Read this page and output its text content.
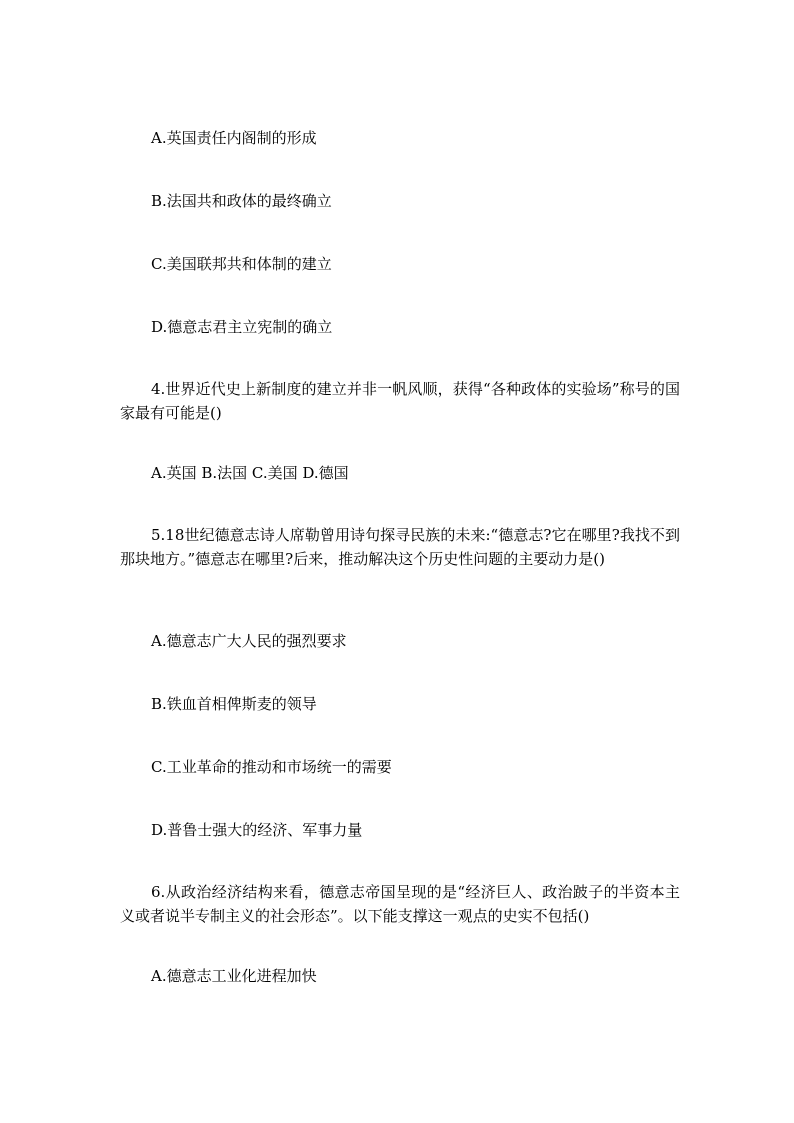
A.英国责任内阁制的形成
B.法国共和政体的最终确立
C.美国联邦共和体制的建立
D.德意志君主立宪制的确立
4.世界近代史上新制度的建立并非一帆风顺，获得“各种政体的实验场”称号的国家最有可能是()
A.英国 B.法国 C.美国 D.德国
5.18世纪德意志诗人席勒曾用诗句探寻民族的未来:“德意志?它在哪里?我找不到那块地方。”德意志在哪里?后来，推动解决这个历史性问题的主要动力是()
A.德意志广大人民的强烈要求
B.铁血首相俾斯麦的领导
C.工业革命的推动和市场统一的需要
D.普鲁士强大的经济、军事力量
6.从政治经济结构来看，德意志帝国呈现的是“经济巨人、政治跛子的半资本主义或者说半专制主义的社会形态”。以下能支撑这一观点的史实不包括()
A.德意志工业化进程加快
